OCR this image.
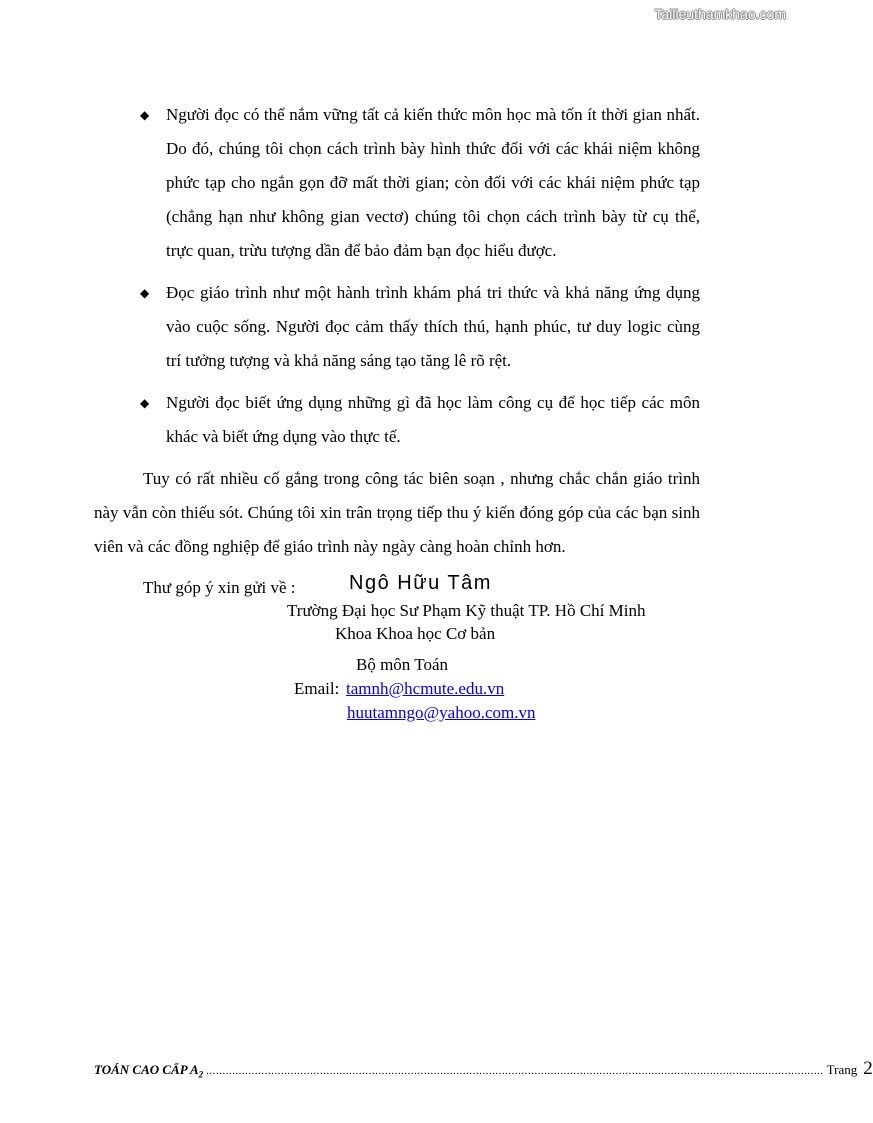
Tailieuthamkhao.com
◆ Người đọc có thể nắm vững tất cả kiến thức môn học mà tốn ít thời gian nhất. Do đó, chúng tôi chọn cách trình bày hình thức đối với các khái niệm không phức tạp cho ngắn gọn đỡ mất thời gian; còn đối với các khái niệm phức tạp (chẳng hạn như không gian vectơ) chúng tôi chọn cách trình bày từ cụ thể, trực quan, trừu tượng dần để bảo đảm bạn đọc hiểu được.
◆ Đọc giáo trình như một hành trình khám phá tri thức và khả năng ứng dụng vào cuộc sống. Người đọc cảm thấy thích thú, hạnh phúc, tư duy logic cùng trí tưởng tượng và khả năng sáng tạo tăng lê rõ rệt.
◆ Người đọc biết ứng dụng những gì đã học làm công cụ để học tiếp các môn khác và biết ứng dụng vào thực tế.
Tuy có rất nhiều cố gắng trong công tác biên soạn , nhưng chắc chắn giáo trình này vẫn còn thiếu sót. Chúng tôi xin trân trọng tiếp thu ý kiến đóng góp của các bạn sinh viên và các đồng nghiệp để giáo trình này ngày càng hoàn chỉnh hơn.
Thư góp ý xin gửi về :	Ngô Hữu Tâm
Trường Đại học Sư Phạm Kỹ thuật TP. Hồ Chí Minh
Khoa Khoa học Cơ bản
Bộ môn Toán
Email: tamnh@hcmute.edu.vn
huutamngo@yahoo.com.vn
TOÁN CAO CẤP $A_2$ .............................................................................................................................................................................................. Trang 2
